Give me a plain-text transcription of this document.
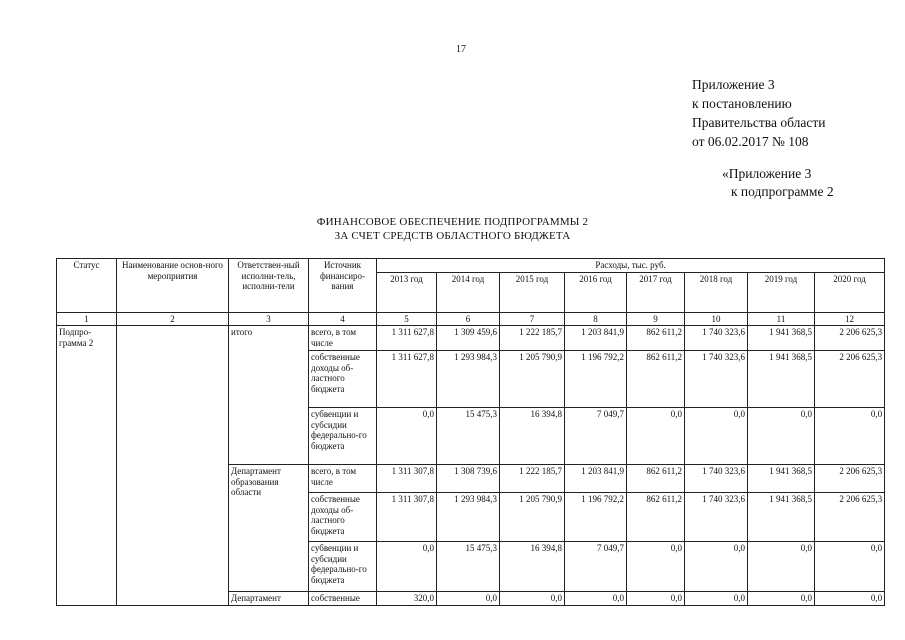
17
Приложение 3
к постановлению
Правительства области
от 06.02.2017 № 108
«Приложение 3
к подпрограмме 2
ФИНАНСОВОЕ ОБЕСПЕЧЕНИЕ ПОДПРОГРАММЫ 2
ЗА СЧЕТ СРЕДСТВ ОБЛАСТНОГО БЮДЖЕТА
Статус	Наименование основ-ного мероприятия	Ответствен-ный исполни-тель, исполни-тели	Источник финансиро-вания	Расходы, тыс. руб.							
				2013 год	2014 год	2015 год	2016 год	2017 год	2018 год	2019 год	2020 год
1	2	3	4	5	6	7	8	9	10	11	12
Подпро-грамма 2		итого	всего, в том числе	1 311 627,8	1 309 459,6	1 222 185,7	1 203 841,9	862 611,2	1 740 323,6	1 941 368,5	2 206 625,3
			собственные доходы об-ластного бюджета	1 311 627,8	1 293 984,3	1 205 790,9	1 196 792,2	862 611,2	1 740 323,6	1 941 368,5	2 206 625,3
			субвенции и субсидии федерально-го бюджета	0,0	15 475,3	16 394,8	7 049,7	0,0	0,0	0,0	0,0
		Департамент образования области	всего, в том числе	1 311 307,8	1 308 739,6	1 222 185,7	1 203 841,9	862 611,2	1 740 323,6	1 941 368,5	2 206 625,3
			собственные доходы об-ластного бюджета	1 311 307,8	1 293 984,3	1 205 790,9	1 196 792,2	862 611,2	1 740 323,6	1 941 368,5	2 206 625,3
			субвенции и субсидии федерально-го бюджета	0,0	15 475,3	16 394,8	7 049,7	0,0	0,0	0,0	0,0
		Департамент	собственные	320,0	0,0	0,0	0,0	0,0	0,0	0,0	0,0
